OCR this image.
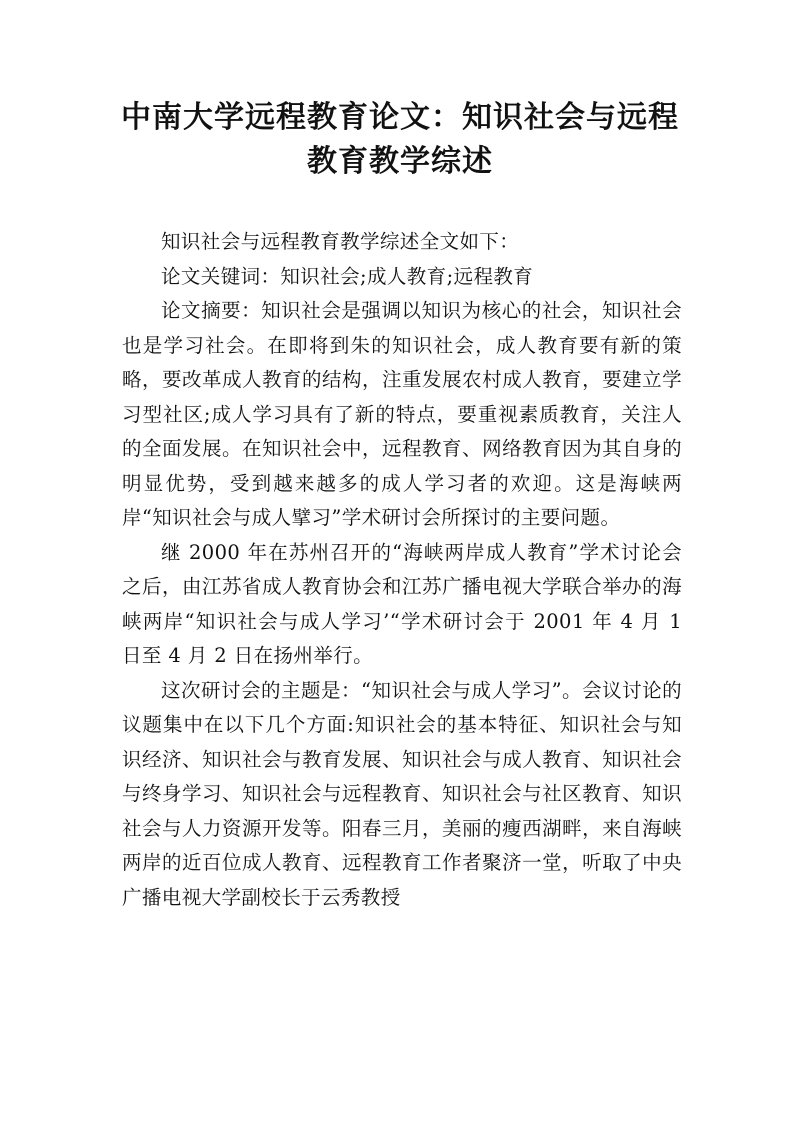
中南大学远程教育论文：知识社会与远程教育教学综述

知识社会与远程教育教学综述全文如下：

论文关键词：知识社会;成人教育;远程教育

论文摘要：知识社会是强调以知识为核心的社会，知识社会也是学习社会。在即将到朱的知识社会，成人教育要有新的策略，要改革成人教育的结构，注重发展农村成人教育，要建立学习型社区;成人学习具有了新的特点，要重视素质教育，关注人的全面发展。在知识社会中，远程教育、网络教育因为其自身的明显优势，受到越来越多的成人学习者的欢迎。这是海峡两岸“知识社会与成人擘习”学术研讨会所探讨的主要问题。

继 2000 年在苏州召开的“海峡两岸成人教育”学术讨论会之后，由江苏省成人教育协会和江苏广播电视大学联合举办的海峡两岸“知识社会与成人学习’“学术研讨会于 2001 年 4 月 1 日至 4 月 2 日在扬州举行。

这次研讨会的主题是：“知识社会与成人学习”。会议讨论的议题集中在以下几个方面:知识社会的基本特征、知识社会与知识经济、知识社会与教育发展、知识社会与成人教育、知识社会与终身学习、知识社会与远程教育、知识社会与社区教育、知识社会与人力资源开发等。阳春三月，美丽的瘦西湖畔，来自海峡两岸的近百位成人教育、远程教育工作者聚济一堂，听取了中央广播电视大学副校长于云秀教授
